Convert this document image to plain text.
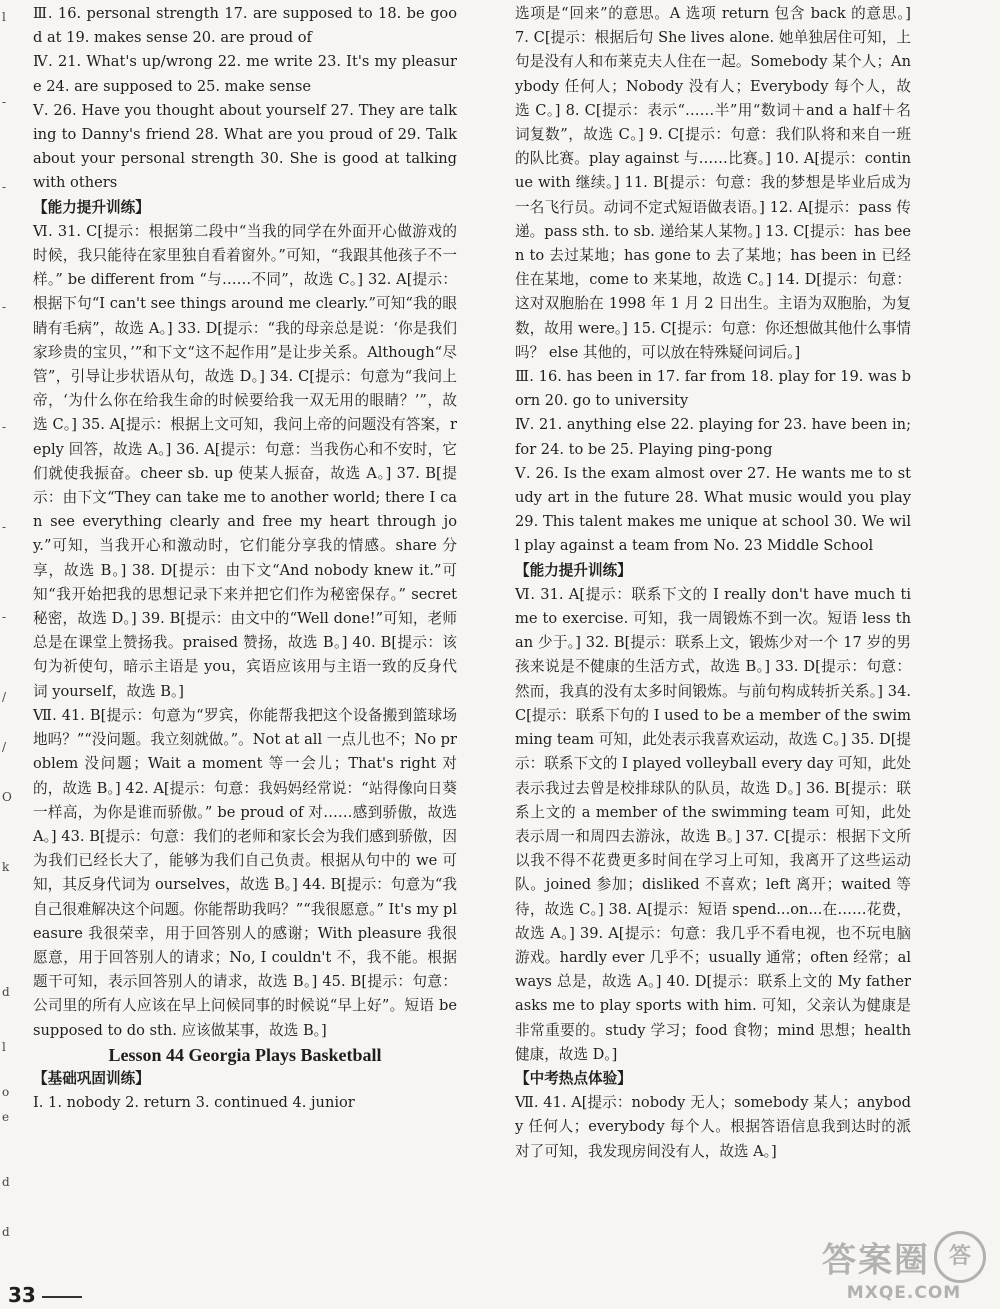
l
-
-
-
-
-
-
/
/
O
k
d
l
o
e
d
d

Ⅲ. 16. personal strength 17. are supposed to 18. be good at 19. makes sense 20. are proud of

Ⅳ. 21. What's up/wrong 22. me write 23. It's my pleasure 24. are supposed to 25. make sense

Ⅴ. 26. Have you thought about yourself 27. They are talking to Danny's friend 28. What are you proud of 29. Talk about your personal strength 30. She is good at talking with others

【能力提升训练】

Ⅵ. 31. C[提示：根据第二段中“当我的同学在外面开心做游戏的时候，我只能待在家里独自看着窗外。”可知，“我跟其他孩子不一样。” be different from “与……不同”，故选 C。] 32. A[提示：根据下句“I can't see things around me clearly.”可知“我的眼睛有毛病”，故选 A。] 33. D[提示：“我的母亲总是说：‘你是我们家珍贵的宝贝，’”和下文“这不起作用”是让步关系。Although“尽管”，引导让步状语从句，故选 D。] 34. C[提示：句意为“我问上帝，‘为什么你在给我生命的时候要给我一双无用的眼睛？’”，故选 C。] 35. A[提示：根据上文可知，我问上帝的问题没有答案，reply 回答，故选 A。] 36. A[提示：句意：当我伤心和不安时，它们就使我振奋。cheer sb. up 使某人振奋，故选 A。] 37. B[提示：由下文“They can take me to another world; there I can see everything clearly and free my heart through joy.”可知，当我开心和激动时，它们能分享我的情感。share 分享，故选 B。] 38. D[提示：由下文“And nobody knew it.”可知“我开始把我的思想记录下来并把它们作为秘密保存。” secret 秘密，故选 D。] 39. B[提示：由文中的“Well done!”可知，老师总是在课堂上赞扬我。praised 赞扬，故选 B。] 40. B[提示：该句为祈使句，暗示主语是 you，宾语应该用与主语一致的反身代词 yourself，故选 B。]

Ⅶ. 41. B[提示：句意为“罗宾，你能帮我把这个设备搬到篮球场地吗？”“没问题。我立刻就做。”。Not at all 一点儿也不；No problem 没问题；Wait a moment 等一会儿；That's right 对的，故选 B。] 42. A[提示：句意：我妈妈经常说：“站得像向日葵一样高，为你是谁而骄傲。” be proud of 对……感到骄傲，故选 A。] 43. B[提示：句意：我们的老师和家长会为我们感到骄傲，因为我们已经长大了，能够为我们自己负责。根据从句中的 we 可知，其反身代词为 ourselves，故选 B。] 44. B[提示：句意为“我自己很难解决这个问题。你能帮助我吗？”“我很愿意。” It's my pleasure 我很荣幸，用于回答别人的感谢；With pleasure 我很愿意，用于回答别人的请求；No, I couldn't 不，我不能。根据题干可知，表示回答别人的请求，故选 B。] 45. B[提示：句意：公司里的所有人应该在早上问候同事的时候说“早上好”。短语 be supposed to do sth. 应该做某事，故选 B。]

Lesson 44 Georgia Plays Basketball

【基础巩固训练】

Ⅰ. 1. nobody 2. return 3. continued 4. junior

选项是“回来”的意思。A 选项 return 包含 back 的意思。] 7. C[提示：根据后句 She lives alone. 她单独居住可知，上句是没有人和布莱克夫人住在一起。Somebody 某个人；Anybody 任何人；Nobody 没有人；Everybody 每个人，故选 C。] 8. C[提示：表示“……半”用“数词＋and a half＋名词复数”，故选 C。] 9. C[提示：句意：我们队将和来自一班的队比赛。play against 与……比赛。] 10. A[提示：continue with 继续。] 11. B[提示：句意：我的梦想是毕业后成为一名飞行员。动词不定式短语做表语。] 12. A[提示：pass 传递。pass sth. to sb. 递给某人某物。] 13. C[提示：has been to 去过某地；has gone to 去了某地；has been in 已经住在某地，come to 来某地，故选 C。] 14. D[提示：句意：这对双胞胎在 1998 年 1 月 2 日出生。主语为双胞胎，为复数，故用 were。] 15. C[提示：句意：你还想做其他什么事情吗？ else 其他的，可以放在特殊疑问词后。]

Ⅲ. 16. has been in 17. far from 18. play for 19. was born 20. go to university

Ⅳ. 21. anything else 22. playing for 23. have been in; for 24. to be 25. Playing ping-pong

Ⅴ. 26. Is the exam almost over 27. He wants me to study art in the future 28. What music would you play 29. This talent makes me unique at school 30. We will play against a team from No. 23 Middle School

【能力提升训练】

Ⅵ. 31. A[提示：联系下文的 I really don't have much time to exercise. 可知，我一周锻炼不到一次。短语 less than 少于。] 32. B[提示：联系上文，锻炼少对一个 17 岁的男孩来说是不健康的生活方式，故选 B。] 33. D[提示：句意：然而，我真的没有太多时间锻炼。与前句构成转折关系。] 34. C[提示：联系下句的 I used to be a member of the swimming team 可知，此处表示我喜欢运动，故选 C。] 35. D[提示：联系下文的 I played volleyball every day 可知，此处表示我过去曾是校排球队的队员，故选 D。] 36. B[提示：联系上文的 a member of the swimming team 可知，此处表示周一和周四去游泳，故选 B。] 37. C[提示：根据下文所以我不得不花费更多时间在学习上可知，我离开了这些运动队。joined 参加；disliked 不喜欢；left 离开；waited 等待，故选 C。] 38. A[提示：短语 spend...on...在……花费，故选 A。] 39. A[提示：句意：我几乎不看电视，也不玩电脑游戏。hardly ever 几乎不；usually 通常；often 经常；always 总是，故选 A。] 40. D[提示：联系上文的 My father asks me to play sports with him. 可知，父亲认为健康是非常重要的。study 学习；food 食物；mind 思想；health 健康，故选 D。]

【中考热点体验】

Ⅶ. 41. A[提示：nobody 无人；somebody 某人；anybody 任何人；everybody 每个人。根据答语信息我到达时的派对了可知，我发现房间没有人，故选 A。]

33
答案圈 答
MXQE.COM
